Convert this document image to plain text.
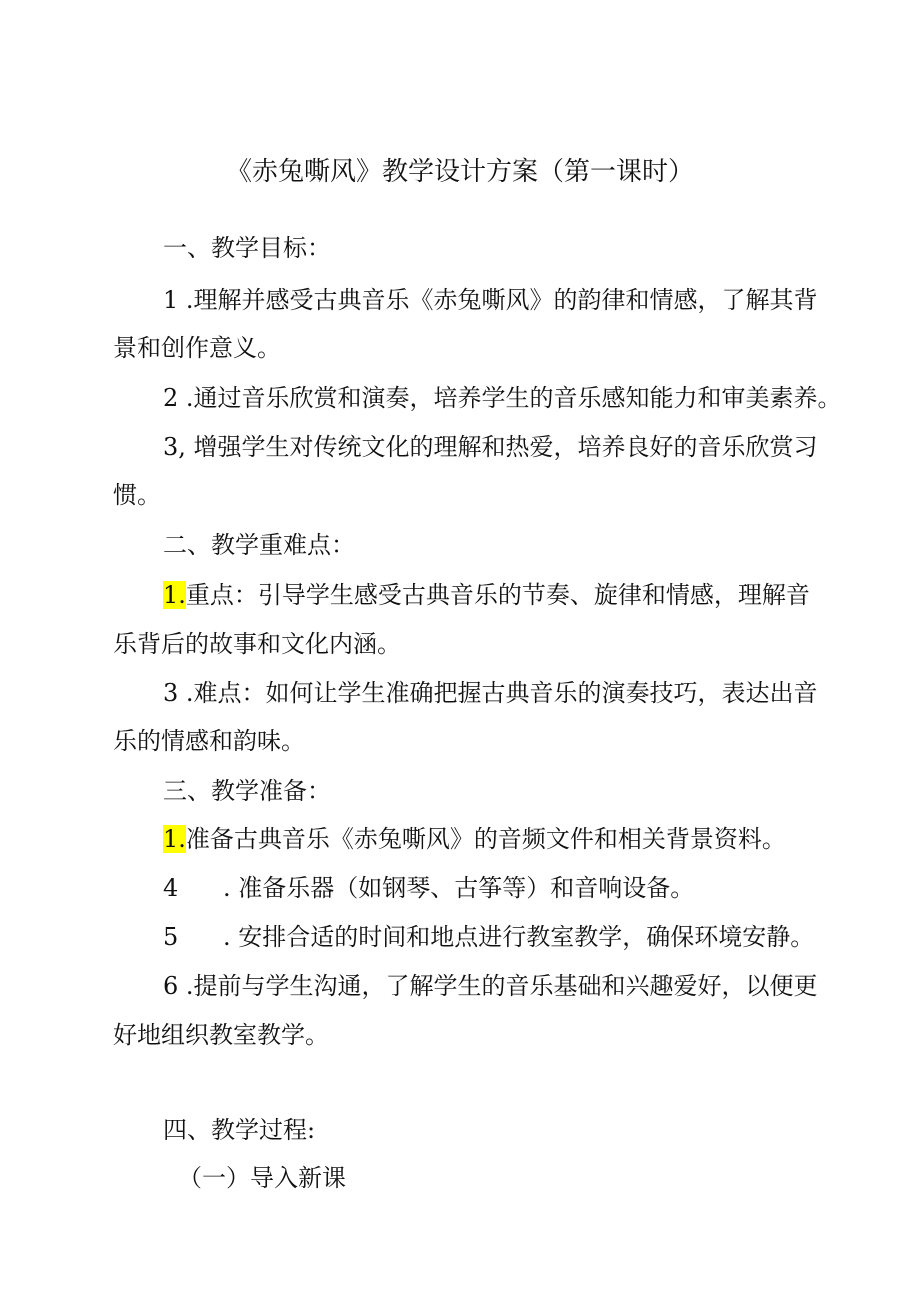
《赤兔嘶风》教学设计方案（第一课时）
一、教学目标：
1 .理解并感受古典音乐《赤兔嘶风》的韵律和情感，了解其背
景和创作意义。
2 .通过音乐欣赏和演奏，培养学生的音乐感知能力和审美素养。
3, 增强学生对传统文化的理解和热爱，培养良好的音乐欣赏习
惯。
二、教学重难点：
1.重点：引导学生感受古典音乐的节奏、旋律和情感，理解音
乐背后的故事和文化内涵。
3 .难点：如何让学生准确把握古典音乐的演奏技巧，表达出音
乐的情感和韵味。
三、教学准备：
1.准备古典音乐《赤兔嘶风》的音频文件和相关背景资料。
4 . 准备乐器（如钢琴、古筝等）和音响设备。
5 . 安排合适的时间和地点进行教室教学，确保环境安静。
6 .提前与学生沟通，了解学生的音乐基础和兴趣爱好，以便更
好地组织教室教学。
四、教学过程:
（一）导入新课
